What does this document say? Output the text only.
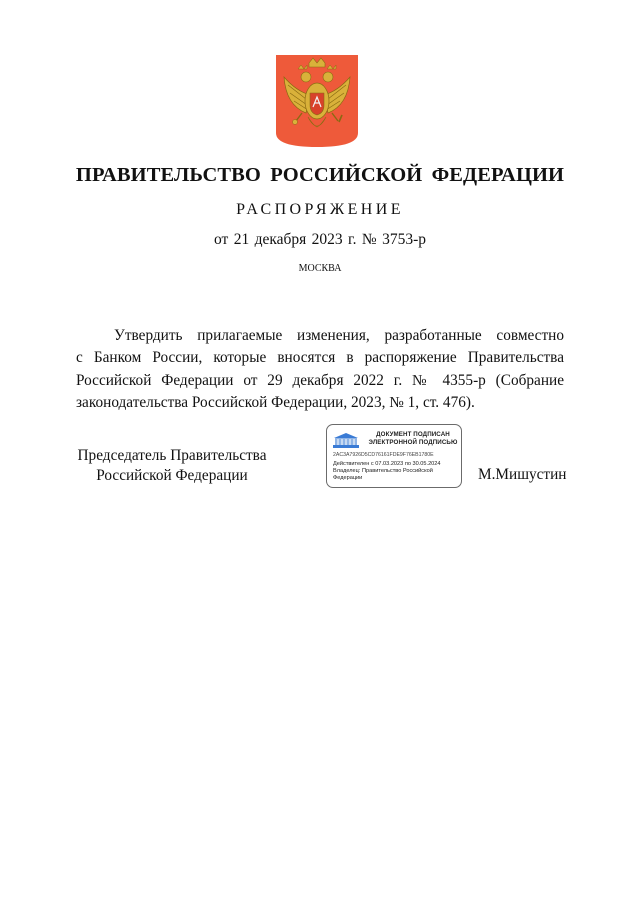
ПРАВИТЕЛЬСТВО РОССИЙСКОЙ ФЕДЕРАЦИИ
РАСПОРЯЖЕНИЕ
от 21 декабря 2023 г. № 3753-р
МОСКВА
Утвердить прилагаемые изменения, разработанные совместно
с Банком России, которые вносятся в распоряжение Правительства
Российской Федерации от 29 декабря 2022 г. № 4355-р (Собрание
законодательства Российской Федерации, 2023, № 1, ст. 476).
Председатель Правительства
Российской Федерации
ДОКУМЕНТ ПОДПИСАН
ЭЛЕКТРОННОЙ ПОДПИСЬЮ
2AC3A7926D5CD76161FDE9F76EB1780E
Действителен с 07.03.2023 по 30.05.2024
Владелец: Правительство Российской Федерации	М.Мишустин
